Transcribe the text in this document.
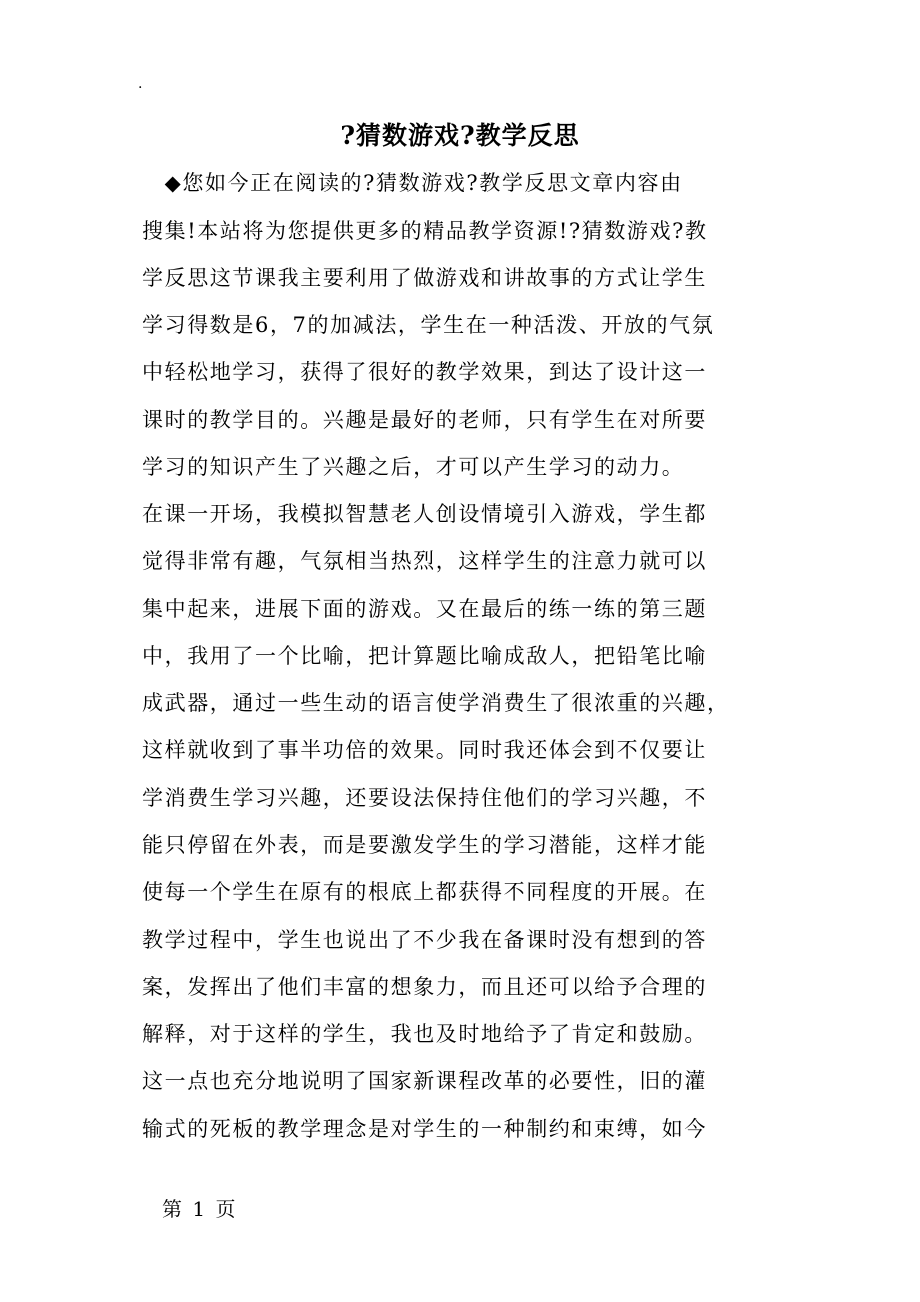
.
?猜数游戏?教学反思
　◆您如今正在阅读的?猜数游戏?教学反思文章内容由
搜集!本站将为您提供更多的精品教学资源!?猜数游戏?教
学反思这节课我主要利用了做游戏和讲故事的方式让学生
学习得数是6，7的加减法，学生在一种活泼、开放的气氛
中轻松地学习，获得了很好的教学效果，到达了设计这一
课时的教学目的。兴趣是最好的老师，只有学生在对所要
学习的知识产生了兴趣之后，才可以产生学习的动力。
在课一开场，我模拟智慧老人创设情境引入游戏，学生都
觉得非常有趣，气氛相当热烈，这样学生的注意力就可以
集中起来，进展下面的游戏。又在最后的练一练的第三题
中，我用了一个比喻，把计算题比喻成敌人，把铅笔比喻
成武器，通过一些生动的语言使学消费生了很浓重的兴趣，
这样就收到了事半功倍的效果。同时我还体会到不仅要让
学消费生学习兴趣，还要设法保持住他们的学习兴趣，不
能只停留在外表，而是要激发学生的学习潜能，这样才能
使每一个学生在原有的根底上都获得不同程度的开展。在
教学过程中，学生也说出了不少我在备课时没有想到的答
案，发挥出了他们丰富的想象力，而且还可以给予合理的
解释，对于这样的学生，我也及时地给予了肯定和鼓励。
这一点也充分地说明了国家新课程改革的必要性，旧的灌
输式的死板的教学理念是对学生的一种制约和束缚，如今
第 1 页
